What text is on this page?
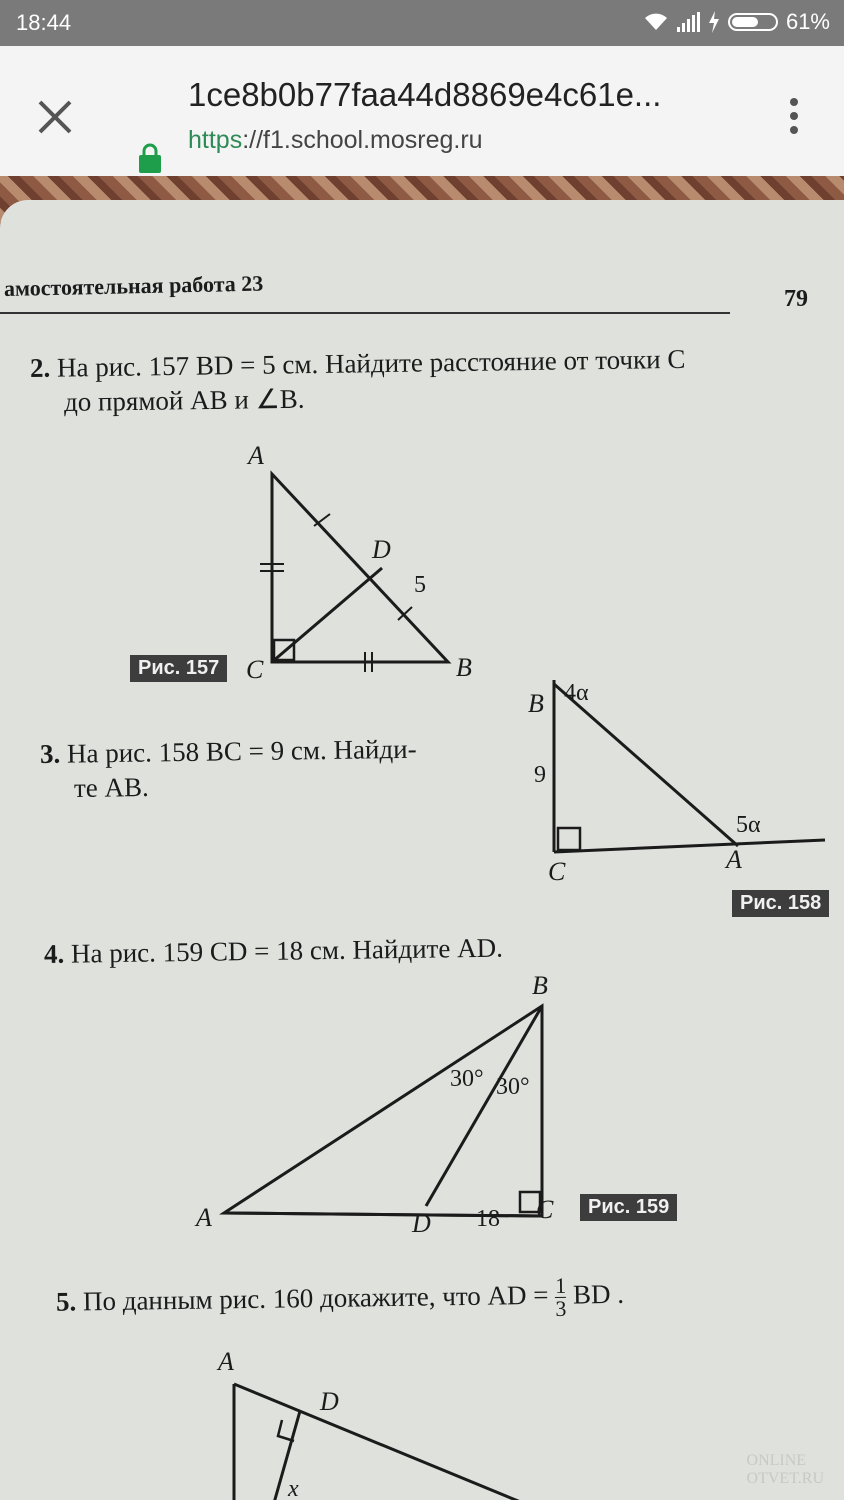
18:44	61%
1ce8b0b77faa44d8869e4c61e...
https://f1.school.mosreg.ru
амостоятельная работа 23	79
2. На рис. 157 BD = 5 см. Найдите расстояние от точки C
до прямой AB и ∠B.
A
D
5
C	B
Рис. 157
3. На рис. 158 BC = 9 см. Найди-
те AB.
B 4α
9
5α
A
C
Рис. 158
4. На рис. 159 CD = 18 см. Найдите AD.
B
30° 30°
A	D 18 C	Рис. 159
5. По данным рис. 160 докажите, что AD = $\frac{1}{3}$ BD .
A
D
x
ONLINE
OTVET.RU
